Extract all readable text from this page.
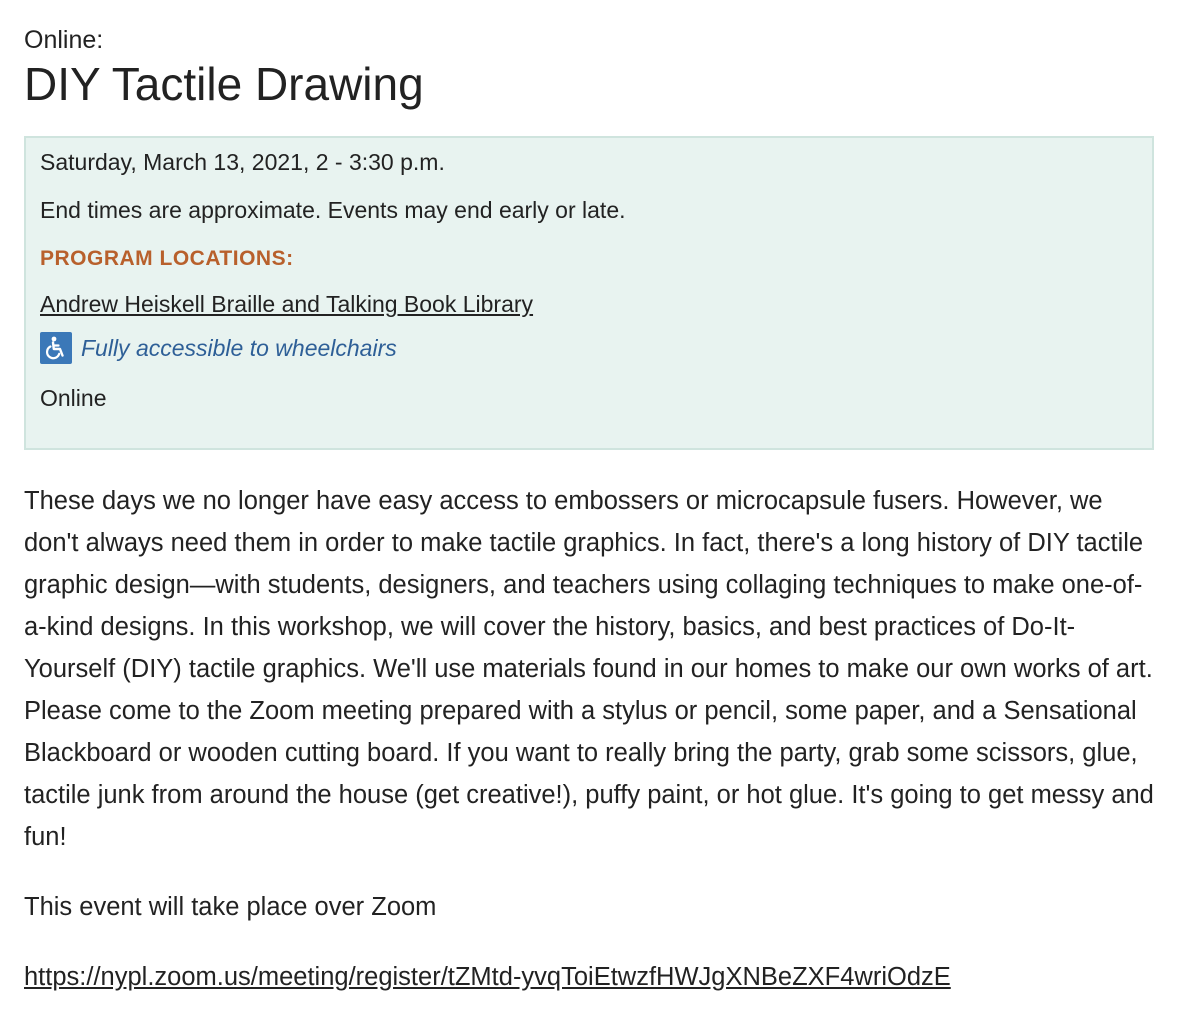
Online:

DIY Tactile Drawing

Saturday, March 13, 2021, 2 - 3:30 p.m.

End times are approximate. Events may end early or late.

PROGRAM LOCATIONS:

Andrew Heiskell Braille and Talking Book Library
Fully accessible to wheelchairs

Online

These days we no longer have easy access to embossers or microcapsule fusers. However, we don't always need them in order to make tactile graphics. In fact, there's a long history of DIY tactile graphic design—with students, designers, and teachers using collaging techniques to make one-of-a-kind designs. In this workshop, we will cover the history, basics, and best practices of Do-It-Yourself (DIY) tactile graphics. We'll use materials found in our homes to make our own works of art. Please come to the Zoom meeting prepared with a stylus or pencil, some paper, and a Sensational Blackboard or wooden cutting board. If you want to really bring the party, grab some scissors, glue, tactile junk from around the house (get creative!), puffy paint, or hot glue. It's going to get messy and fun!

This event will take place over Zoom

https://nypl.zoom.us/meeting/register/tZMtd-yvqToiEtwzfHWJgXNBeZXF4wriOdzE
